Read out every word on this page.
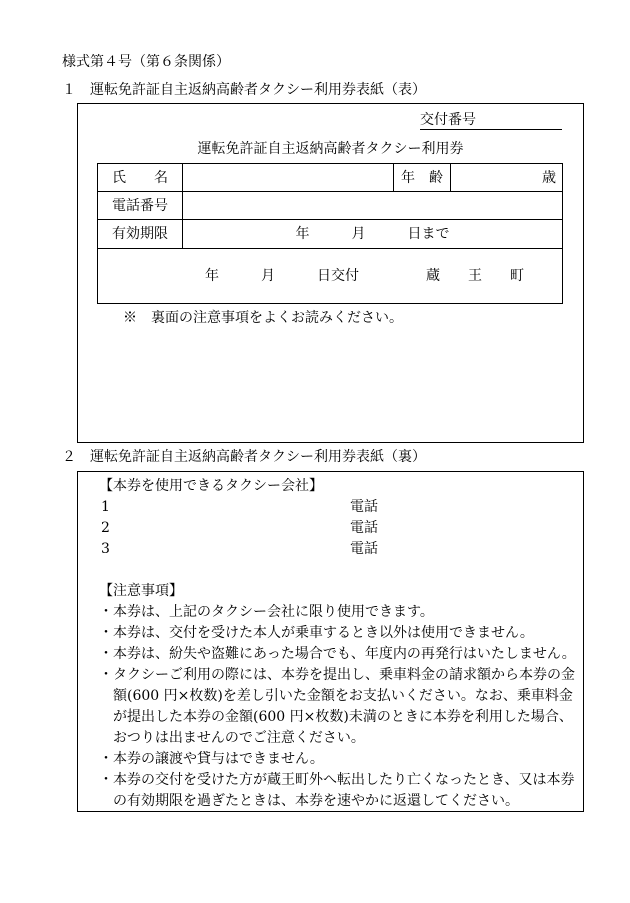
様式第４号（第６条関係）
１　運転免許証自主返納高齢者タクシー利用券表紙（表）
交付番号
運転免許証自主返納高齢者タクシー利用券
氏　　名		年　齢	歳
電話番号			
有効期限	年　　　月　　　日まで		

年　　　月　　　日交付 蔵　　王　　町			
※　裏面の注意事項をよくお読みください。
２　運転免許証自主返納高齢者タクシー利用券表紙（裏）
【本券を使用できるタクシー会社】
1	電話
2	電話
3	電話
【注意事項】
・本券は、上記のタクシー会社に限り使用できます。
・本券は、交付を受けた本人が乗車するとき以外は使用できません。
・本券は、紛失や盗難にあった場合でも、年度内の再発行はいたしません。
・タクシーご利用の際には、本券を提出し、乗車料金の請求額から本券の金
額(600 円×枚数)を差し引いた金額をお支払いください。なお、乗車料金
が提出した本券の金額(600 円×枚数)未満のときに本券を利用した場合、
おつりは出ませんのでご注意ください。
・本券の譲渡や貸与はできません。
・本券の交付を受けた方が蔵王町外へ転出したり亡くなったとき、又は本券
の有効期限を過ぎたときは、本券を速やかに返還してください。
